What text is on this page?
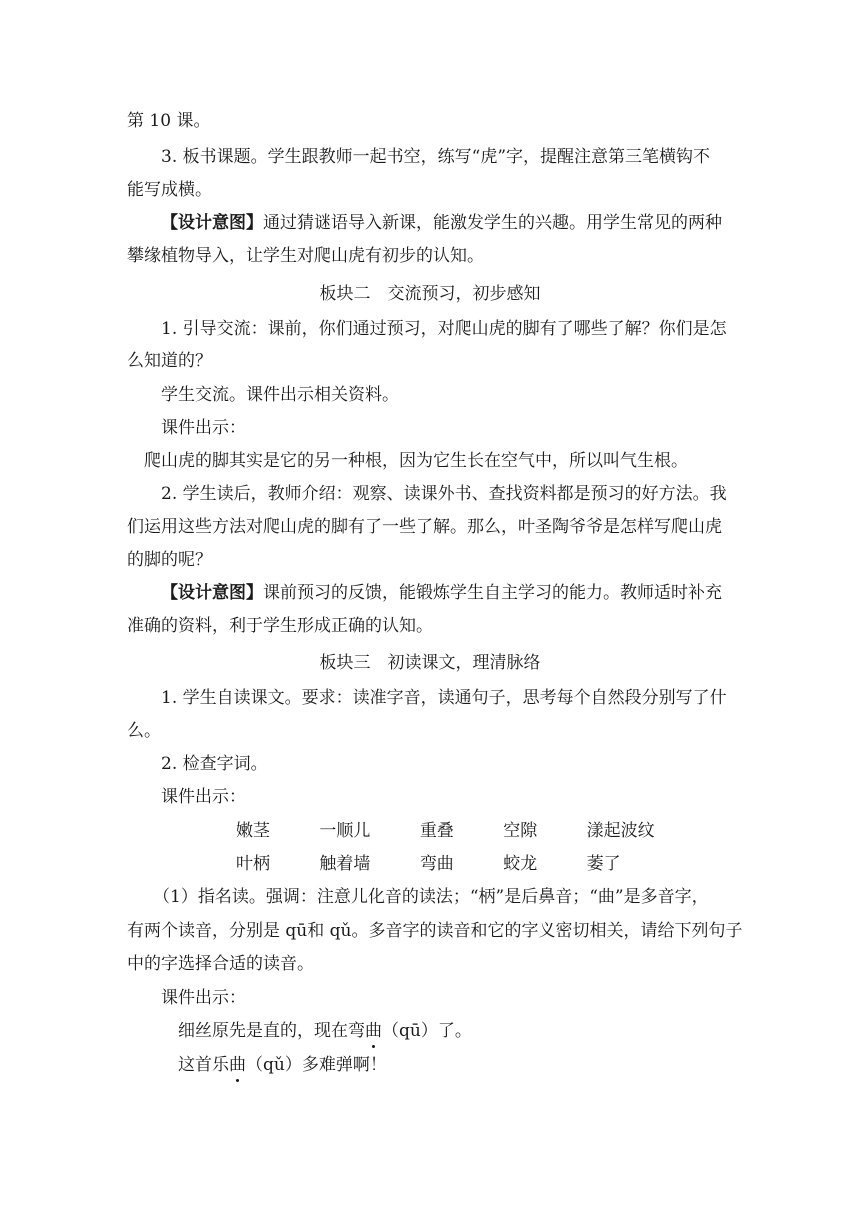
第 10 课。
3. 板书课题。学生跟教师一起书空，练写“虎”字，提醒注意第三笔横钩不
能写成横。
【设计意图】通过猜谜语导入新课，能激发学生的兴趣。用学生常见的两种
攀缘植物导入，让学生对爬山虎有初步的认知。
板块二　交流预习，初步感知
1. 引导交流：课前，你们通过预习，对爬山虎的脚有了哪些了解？你们是怎
么知道的？
学生交流。课件出示相关资料。
课件出示：
爬山虎的脚其实是它的另一种根，因为它生长在空气中，所以叫气生根。
2. 学生读后，教师介绍：观察、读课外书、查找资料都是预习的好方法。我
们运用这些方法对爬山虎的脚有了一些了解。那么，叶圣陶爷爷是怎样写爬山虎
的脚的呢？
【设计意图】课前预习的反馈，能锻炼学生自主学习的能力。教师适时补充
准确的资料，利于学生形成正确的认知。
板块三　初读课文，理清脉络
1. 学生自读课文。要求：读准字音，读通句子，思考每个自然段分别写了什
么。
2. 检查字词。
课件出示：
嫩茎	一顺儿	重叠	空隙	漾起波纹
叶柄	触着墙	弯曲	蛟龙	萎了
（1）指名读。强调：注意儿化音的读法；“柄”是后鼻音；“曲”是多音字，
有两个读音，分别是 qū和 qǔ。多音字的读音和它的字义密切相关，请给下列句子
中的字选择合适的读音。
课件出示：
细丝原先是直的，现在弯曲（qū）了。
这首乐曲（qǔ）多难弹啊！
